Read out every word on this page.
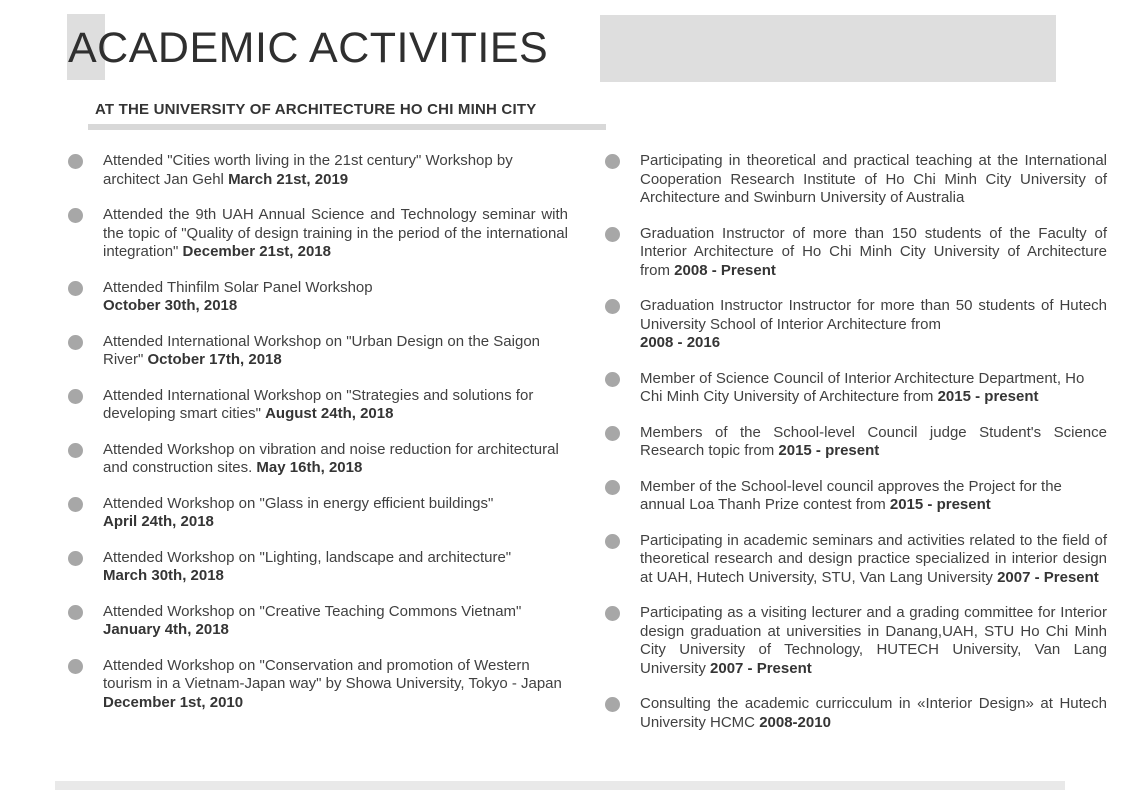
ACADEMIC ACTIVITIES
AT THE UNIVERSITY OF ARCHITECTURE HO CHI MINH CITY

Attended "Cities worth living in the 21st century" Workshop by architect Jan Gehl March 21st, 2019

Attended the 9th UAH Annual Science and Technology seminar with the topic of "Quality of design training in the period of the international integration" December 21st, 2018

Attended Thinfilm Solar Panel Workshop
October 30th, 2018

Attended International Workshop on "Urban Design on the Saigon River" October 17th, 2018

Attended International Workshop on "Strategies and solutions for developing smart cities" August 24th, 2018

Attended Workshop on vibration and noise reduction for architectural and construction sites. May 16th, 2018

Attended Workshop on "Glass in energy efficient buildings"
April 24th, 2018

Attended Workshop on "Lighting, landscape and architecture"
March 30th, 2018

Attended Workshop on "Creative Teaching Commons Vietnam"
January 4th, 2018

Attended Workshop on "Conservation and promotion of Western tourism in a Vietnam-Japan way" by Showa University, Tokyo - Japan December 1st, 2010

Participating in theoretical and practical teaching at the International Cooperation Research Institute of Ho Chi Minh City University of Architecture and Swinburn University of Australia

Graduation Instructor of more than 150 students of the Faculty of Interior Architecture of Ho Chi Minh City University of Architecture from 2008 - Present

Graduation Instructor Instructor for more than 50 students of Hutech University School of Interior Architecture from
2008 - 2016

Member of Science Council of Interior Architecture Department, Ho Chi Minh City University of Architecture from 2015 - present

Members of the School-level Council judge Student's Science Research topic from 2015 - present

Member of the School-level council approves the Project for the annual Loa Thanh Prize contest from 2015 - present

Participating in academic seminars and activities related to the field of theoretical research and design practice specialized in interior design at UAH, Hutech University, STU, Van Lang University 2007 - Present

Participating as a visiting lecturer and a grading committee for Interior design graduation at universities in Danang,UAH, STU Ho Chi Minh City University of Technology, HUTECH University, Van Lang University 2007 - Present

Consulting the academic curricculum in «Interior Design» at Hutech University HCMC 2008-2010
